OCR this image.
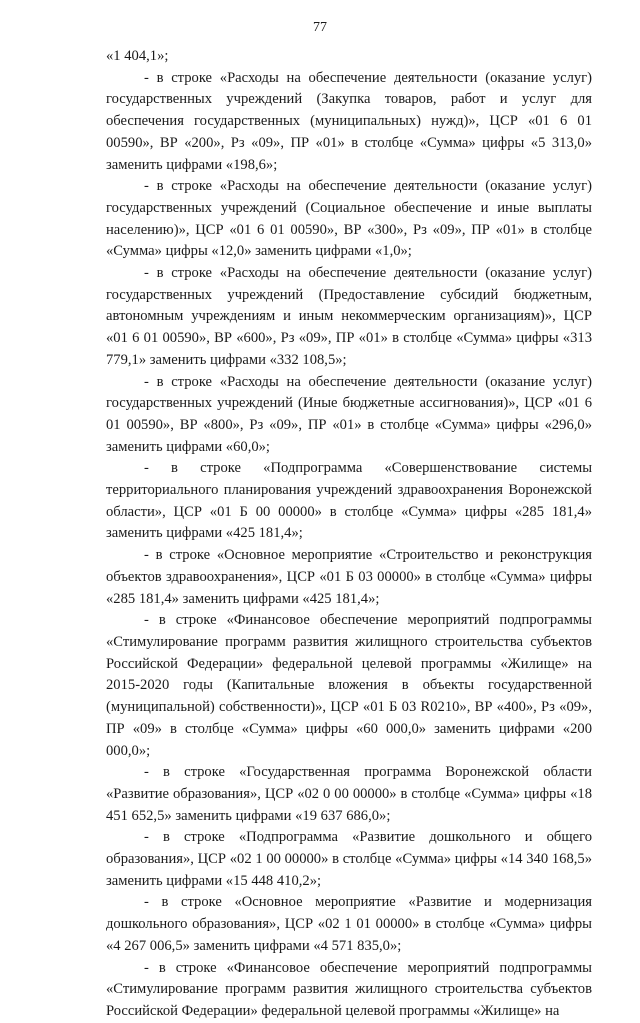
77

«1 404,1»;

- в строке «Расходы на обеспечение деятельности (оказание услуг) государственных учреждений (Закупка товаров, работ и услуг для обеспечения государственных (муниципальных) нужд)», ЦСР «01 6 01 00590», ВР «200», Рз «09», ПР «01» в столбце «Сумма» цифры «5 313,0» заменить цифрами «198,6»;

- в строке «Расходы на обеспечение деятельности (оказание услуг) государственных учреждений (Социальное обеспечение и иные выплаты населению)», ЦСР «01 6 01 00590», ВР «300», Рз «09», ПР «01» в столбце «Сумма» цифры «12,0» заменить цифрами «1,0»;

- в строке «Расходы на обеспечение деятельности (оказание услуг) государственных учреждений (Предоставление субсидий бюджетным, автономным учреждениям и иным некоммерческим организациям)», ЦСР «01 6 01 00590», ВР «600», Рз «09», ПР «01» в столбце «Сумма» цифры «313 779,1» заменить цифрами «332 108,5»;

- в строке «Расходы на обеспечение деятельности (оказание услуг) государственных учреждений (Иные бюджетные ассигнования)», ЦСР «01 6 01 00590», ВР «800», Рз «09», ПР «01» в столбце «Сумма» цифры «296,0» заменить цифрами «60,0»;

- в строке «Подпрограмма «Совершенствование системы территориального планирования учреждений здравоохранения Воронежской области», ЦСР «01 Б 00 00000» в столбце «Сумма» цифры «285 181,4» заменить цифрами «425 181,4»;

- в строке «Основное мероприятие «Строительство и реконструкция объектов здравоохранения», ЦСР «01 Б 03 00000» в столбце «Сумма» цифры «285 181,4» заменить цифрами «425 181,4»;

- в строке «Финансовое обеспечение мероприятий подпрограммы «Стимулирование программ развития жилищного строительства субъектов Российской Федерации» федеральной целевой программы «Жилище» на 2015-2020 годы (Капитальные вложения в объекты государственной (муниципальной) собственности)», ЦСР «01 Б 03 R0210», ВР «400», Рз «09», ПР «09» в столбце «Сумма» цифры «60 000,0» заменить цифрами «200 000,0»;

- в строке «Государственная программа Воронежской области «Развитие образования», ЦСР «02 0 00 00000» в столбце «Сумма» цифры «18 451 652,5» заменить цифрами «19 637 686,0»;

- в строке «Подпрограмма «Развитие дошкольного и общего образования», ЦСР «02 1 00 00000» в столбце «Сумма» цифры «14 340 168,5» заменить цифрами «15 448 410,2»;

- в строке «Основное мероприятие «Развитие и модернизация дошкольного образования», ЦСР «02 1 01 00000» в столбце «Сумма» цифры «4 267 006,5» заменить цифрами «4 571 835,0»;

- в строке «Финансовое обеспечение мероприятий подпрограммы «Стимулирование программ развития жилищного строительства субъектов Российской Федерации» федеральной целевой программы «Жилище» на
